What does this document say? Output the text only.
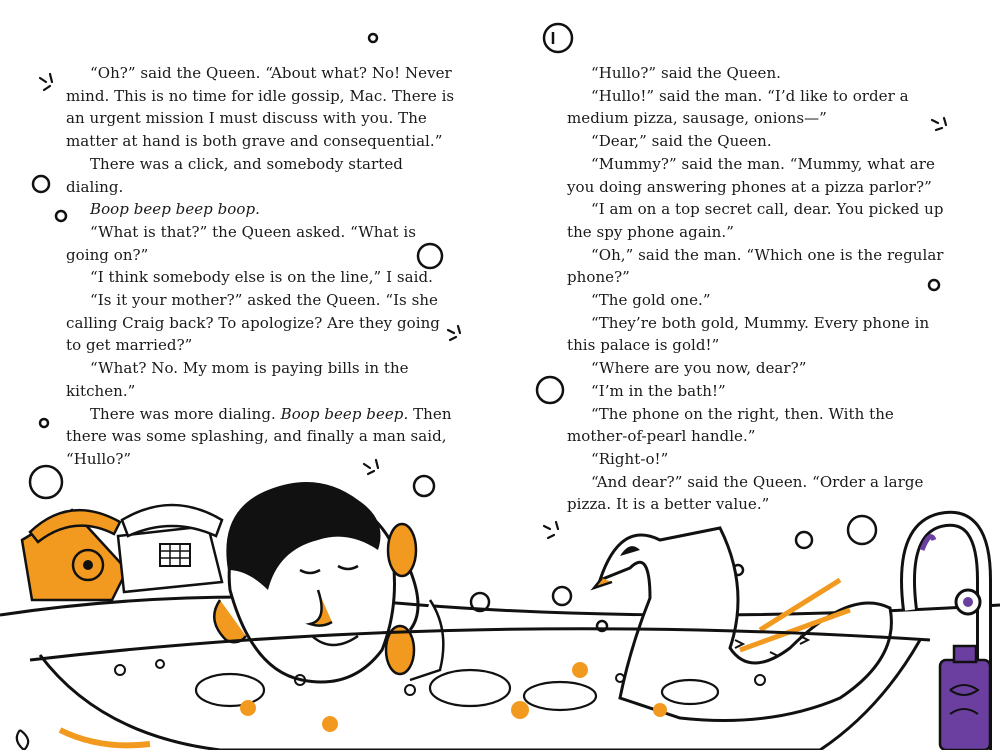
“Oh?” said the Queen. “About what? No! Never mind. This is no time for idle gossip, Mac. There is an urgent mission I must discuss with you. The matter at hand is both grave and consequential.”

There was a click, and somebody started dialing.

Boop beep beep boop.

“What is that?” the Queen asked. “What is going on?”

“I think somebody else is on the line,” I said.

“Is it your mother?” asked the Queen. “Is she calling Craig back? To apologize? Are they going to get married?”

“What? No. My mom is paying bills in the kitchen.”

There was more dialing. Boop beep beep. Then there was some splashing, and finally a man said, “Hullo?”

“Hullo?” said the Queen.

“Hullo!” said the man. “I’d like to order a medium pizza, sausage, onions—”

“Dear,” said the Queen.

“Mummy?” said the man. “Mummy, what are you doing answering phones at a pizza parlor?”

“I am on a top secret call, dear. You picked up the spy phone again.”

“Oh,” said the man. “Which one is the regular phone?”

“The gold one.”

“They’re both gold, Mummy. Every phone in this palace is gold!”

“Where are you now, dear?”

“I’m in the bath!”

“The phone on the right, then. With the mother-of-pearl handle.”

“Right-o!”

“And dear?” said the Queen. “Order a large pizza. It is a better value.”
